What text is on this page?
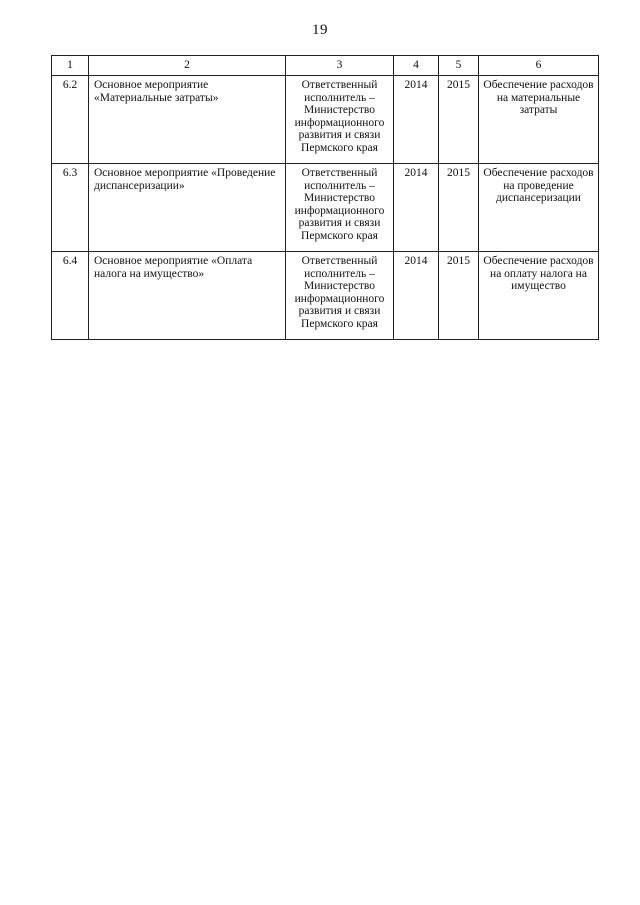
19
1	2	3	4	5	6
6.2	Основное мероприятие «Материальные затраты»	Ответственный исполнитель – Министерство информационного развития и связи Пермского края	2014	2015	Обеспечение расходов на материальные затраты
6.3	Основное мероприятие «Проведение диспансеризации»	Ответственный исполнитель – Министерство информационного развития и связи Пермского края	2014	2015	Обеспечение расходов на проведение диспансеризации
6.4	Основное мероприятие «Оплата налога на имущество»	Ответственный исполнитель – Министерство информационного развития и связи Пермского края	2014	2015	Обеспечение расходов на оплату налога на имущество
